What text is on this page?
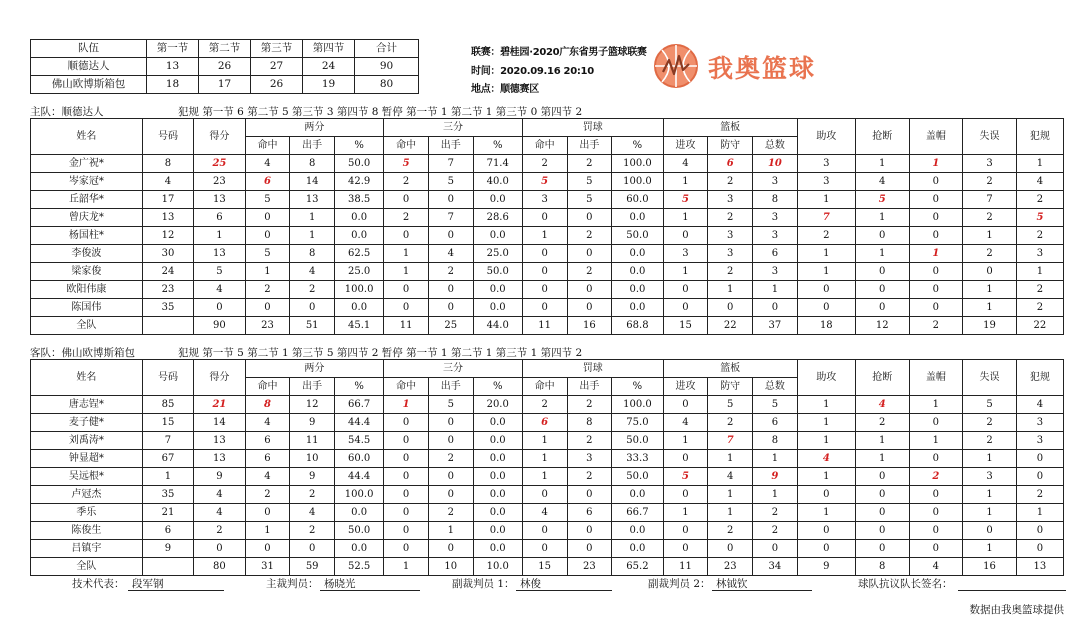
队伍	第一节	第二节	第三节	第四节	合计
顺德达人	13	26	27	24	90
佛山欧博斯箱包	18	17	26	19	80
联赛：碧桂园·2020广东省男子篮球联赛
时间：2020.09.16 20:10
地点：顺德赛区
我奥篮球
主队：顺德达人	犯规 第一节 6 第二节 5 第三节 3 第四节 8 暂停 第一节 1 第二节 1 第三节 0 第四节 2
姓名	号码	得分	两分			三分			罚球			篮板			助攻	抢断	盖帽	失误	犯规
			命中	出手	%	命中	出手	%	命中	出手	%	进攻	防守	总数					
金广祝*	8	25	4	8	50.0	5	7	71.4	2	2	100.0	4	6	10	3	1	1	3	1
岑家冠*	4	23	6	14	42.9	2	5	40.0	5	5	100.0	1	2	3	3	4	0	2	4
丘韶华*	17	13	5	13	38.5	0	0	0.0	3	5	60.0	5	3	8	1	5	0	7	2
曾庆龙*	13	6	0	1	0.0	2	7	28.6	0	0	0.0	1	2	3	7	1	0	2	5
杨国柱*	12	1	0	1	0.0	0	0	0.0	1	2	50.0	0	3	3	2	0	0	1	2
李俊波	30	13	5	8	62.5	1	4	25.0	0	0	0.0	3	3	6	1	1	1	2	3
梁家俊	24	5	1	4	25.0	1	2	50.0	0	2	0.0	1	2	3	1	0	0	0	1
欧阳伟康	23	4	2	2	100.0	0	0	0.0	0	0	0.0	0	1	1	0	0	0	1	2
陈国伟	35	0	0	0	0.0	0	0	0.0	0	0	0.0	0	0	0	0	0	0	1	2
全队		90	23	51	45.1	11	25	44.0	11	16	68.8	15	22	37	18	12	2	19	22
客队：佛山欧博斯箱包	犯规 第一节 5 第二节 1 第三节 5 第四节 2 暂停 第一节 1 第二节 1 第三节 1 第四节 2
姓名	号码	得分	两分			三分			罚球			篮板			助攻	抢断	盖帽	失误	犯规
			命中	出手	%	命中	出手	%	命中	出手	%	进攻	防守	总数					
唐志锃*	85	21	8	12	66.7	1	5	20.0	2	2	100.0	0	5	5	1	4	1	5	4
麦子健*	15	14	4	9	44.4	0	0	0.0	6	8	75.0	4	2	6	1	2	0	2	3
刘禹涛*	7	13	6	11	54.5	0	0	0.0	1	2	50.0	1	7	8	1	1	1	2	3
钟显超*	67	13	6	10	60.0	0	2	0.0	1	3	33.3	0	1	1	4	1	0	1	0
吴远根*	1	9	4	9	44.4	0	0	0.0	1	2	50.0	5	4	9	1	0	2	3	0
卢冠杰	35	4	2	2	100.0	0	0	0.0	0	0	0.0	0	1	1	0	0	0	1	2
季乐	21	4	0	4	0.0	0	2	0.0	4	6	66.7	1	1	2	1	0	0	1	1
陈俊生	6	2	1	2	50.0	0	1	0.0	0	0	0.0	0	2	2	0	0	0	0	0
吕镇宇	9	0	0	0	0.0	0	0	0.0	0	0	0.0	0	0	0	0	0	0	1	0
全队		80	31	59	52.5	1	10	10.0	15	23	65.2	11	23	34	9	8	4	16	13
技术代表： 段军钢	主裁判员： 杨晓光	副裁判员 1： 林俊	副裁判员 2： 林钺钦	球队抗议队长签名：
数据由我奥篮球提供
